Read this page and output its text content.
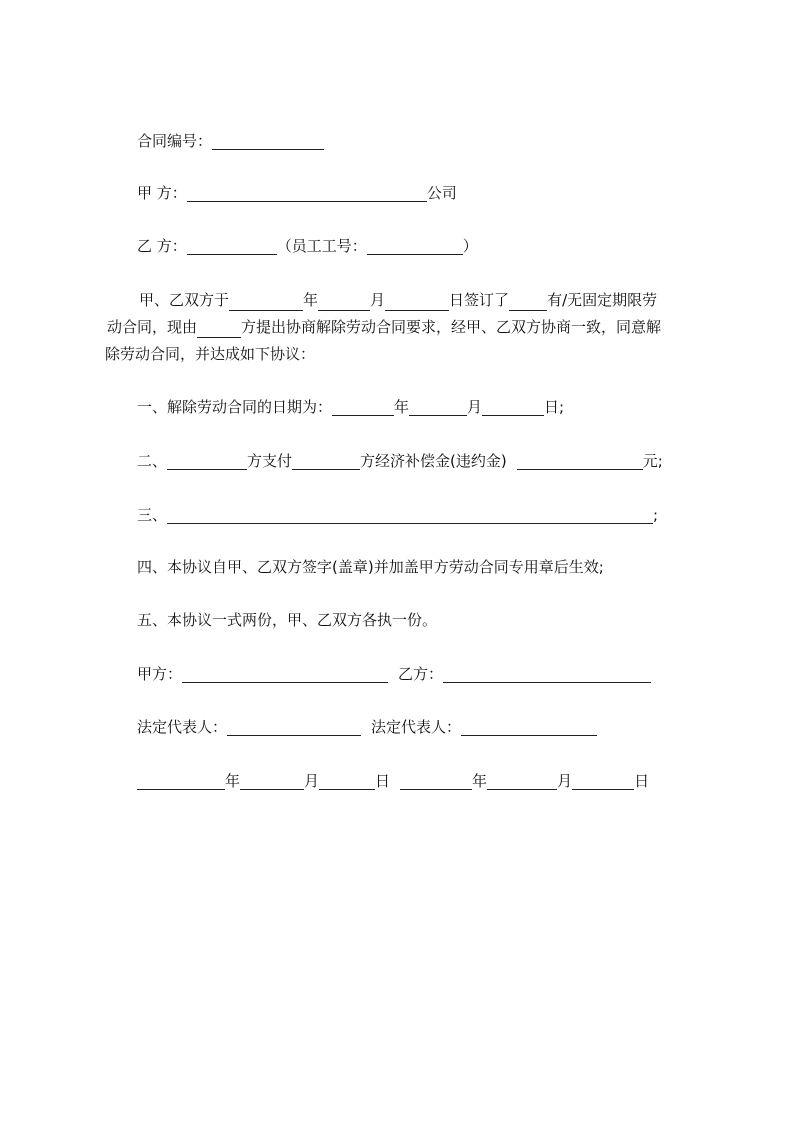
合同编号：
甲 方：	公司
乙 方：	（员工工号：	）
甲、乙双方于	年	月	日签订了	有/无固定期限劳
动合同，现由	方提出协商解除劳动合同要求，经甲、乙双方协商一致，同意解
除劳动合同，并达成如下协议：
一、解除劳动合同的日期为：	年	月	日;
二、	方支付	方经济补偿金(违约金)	元;
三、	;
四、本协议自甲、乙双方签字(盖章)并加盖甲方劳动合同专用章后生效;
五、本协议一式两份，甲、乙双方各执一份。
甲方：	乙方：
法定代表人：	法定代表人：
年	月	日	年	月	日
